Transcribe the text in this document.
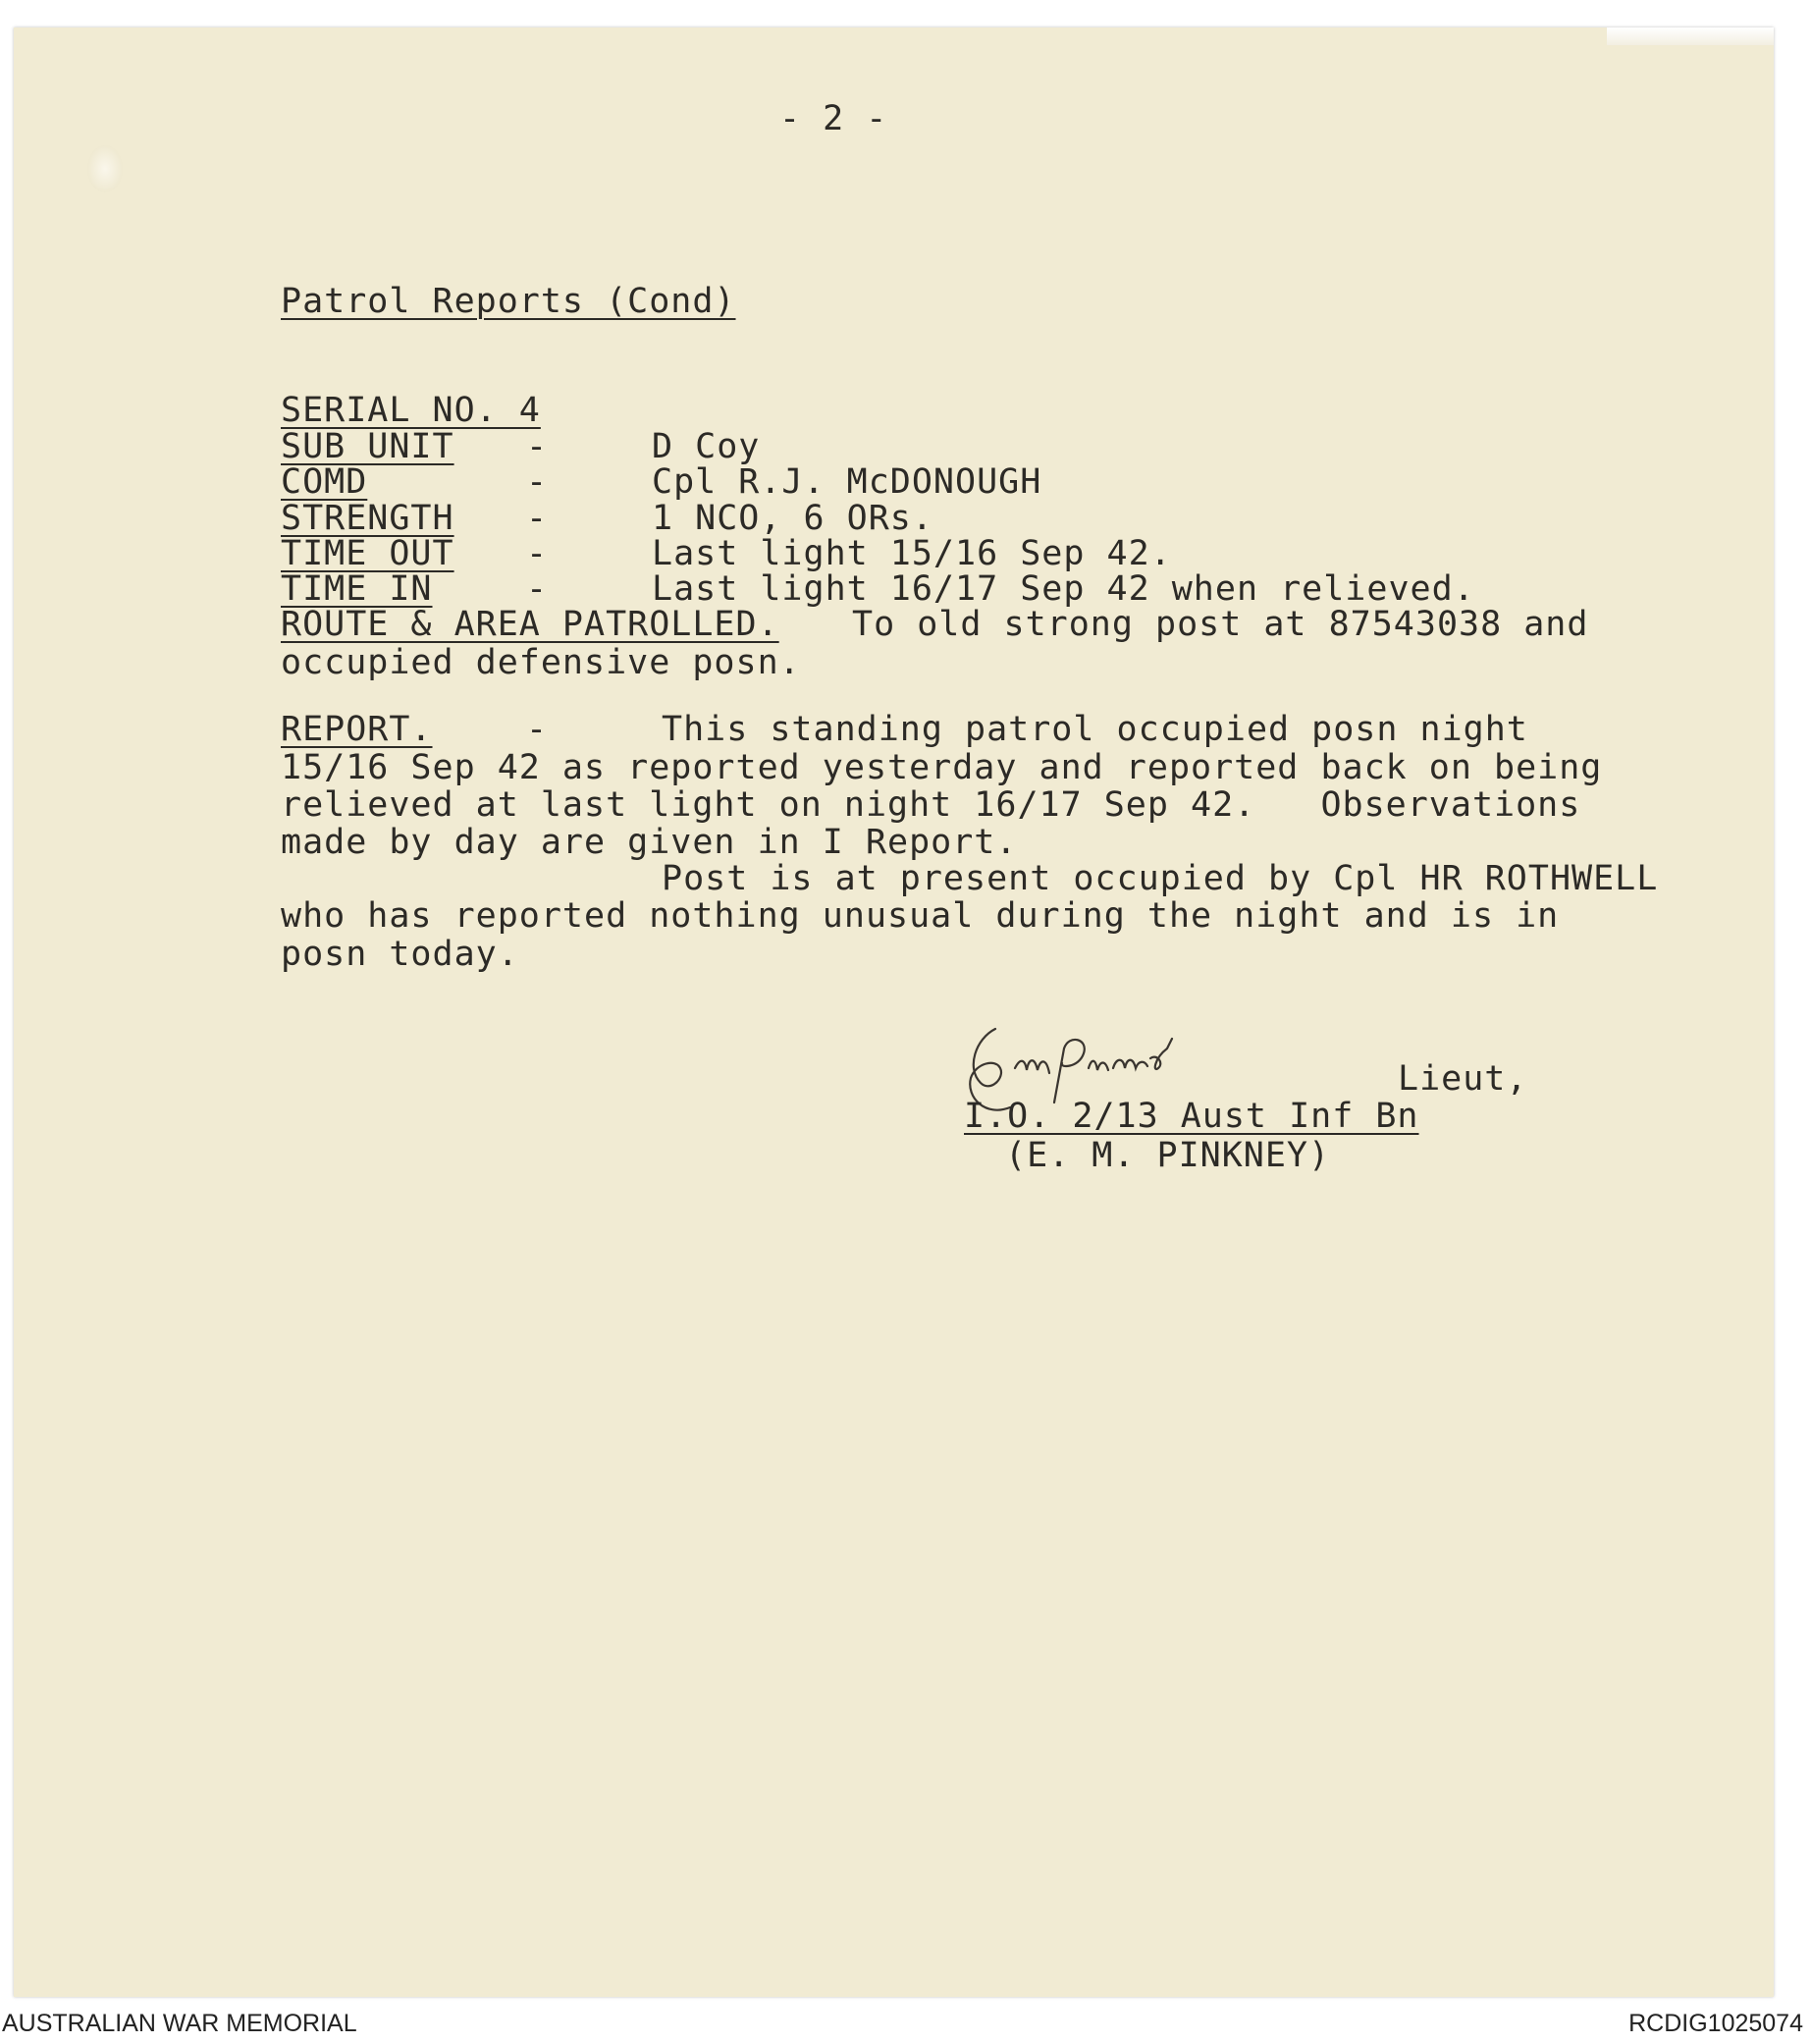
- 2 -
Patrol Reports (Cond)
SERIAL NO. 4
SUB UNIT -	D Coy
COMD	-	Cpl R.J. McDONOUGH
STRENGTH -	1 NCO, 6 ORs.
TIME OUT -	Last light 15/16 Sep 42.
TIME IN	-	Last light 16/17 Sep 42 when relieved.
ROUTE & AREA PATROLLED. To old strong post at 87543038 and
occupied defensive posn.
REPORT.	-	This standing patrol occupied posn night
15/16 Sep 42 as reported yesterday and reported back on being
relieved at last light on night 16/17 Sep 42.   Observations
made by day are given in I Report.
Post is at present occupied by Cpl HR ROTHWELL
who has reported nothing unusual during the night and is in
posn today.
Lieut,
I.O. 2/13 Aust Inf Bn
(E. M. PINKNEY)
AUSTRALIAN WAR MEMORIAL	RCDIG1025074
